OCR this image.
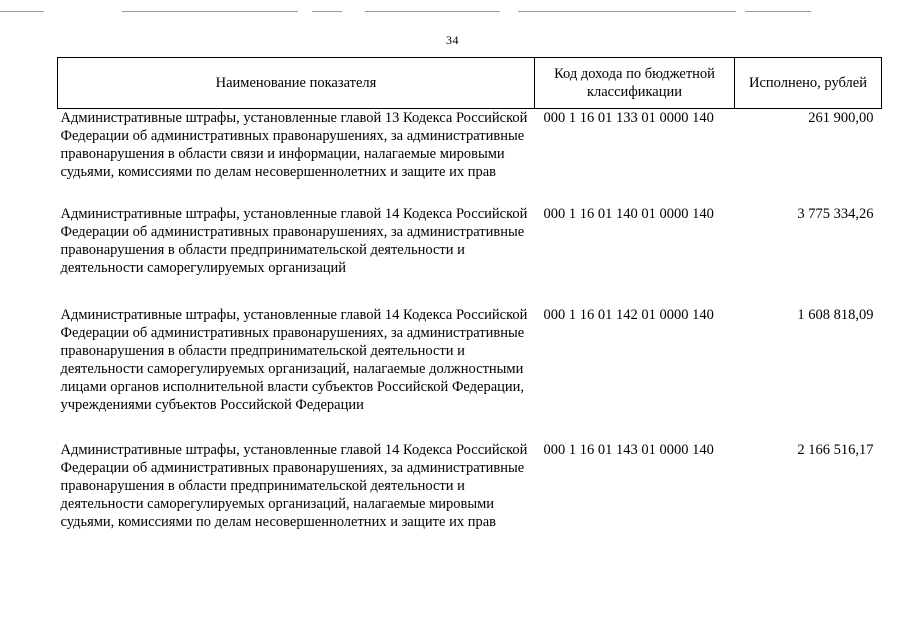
34
Наименование показателя	Код дохода по бюджетной классификации	Исполнено, рублей
Административные штрафы, установленные главой 13 Кодекса Российской Федерации об административных правонарушениях, за административные правонарушения в области связи и информации, налагаемые мировыми судьями, комиссиями по делам несовершеннолетних и защите их прав	000 1 16 01 133 01 0000 140	261 900,00
Административные штрафы, установленные главой 14 Кодекса Российской Федерации об административных правонарушениях, за административные правонарушения в области предпринимательской деятельности и деятельности саморегулируемых организаций	000 1 16 01 140 01 0000 140	3 775 334,26
Административные штрафы, установленные главой 14 Кодекса Российской Федерации об административных правонарушениях, за административные правонарушения в области предпринимательской деятельности и деятельности саморегулируемых организаций, налагаемые должностными лицами органов исполнительной власти субъектов Российской Федерации, учреждениями субъектов Российской Федерации	000 1 16 01 142 01 0000 140	1 608 818,09
Административные штрафы, установленные главой 14 Кодекса Российской Федерации об административных правонарушениях, за административные правонарушения в области предпринимательской деятельности и деятельности саморегулируемых организаций, налагаемые мировыми судьями, комиссиями по делам несовершеннолетних и защите их прав	000 1 16 01 143 01 0000 140	2 166 516,17
